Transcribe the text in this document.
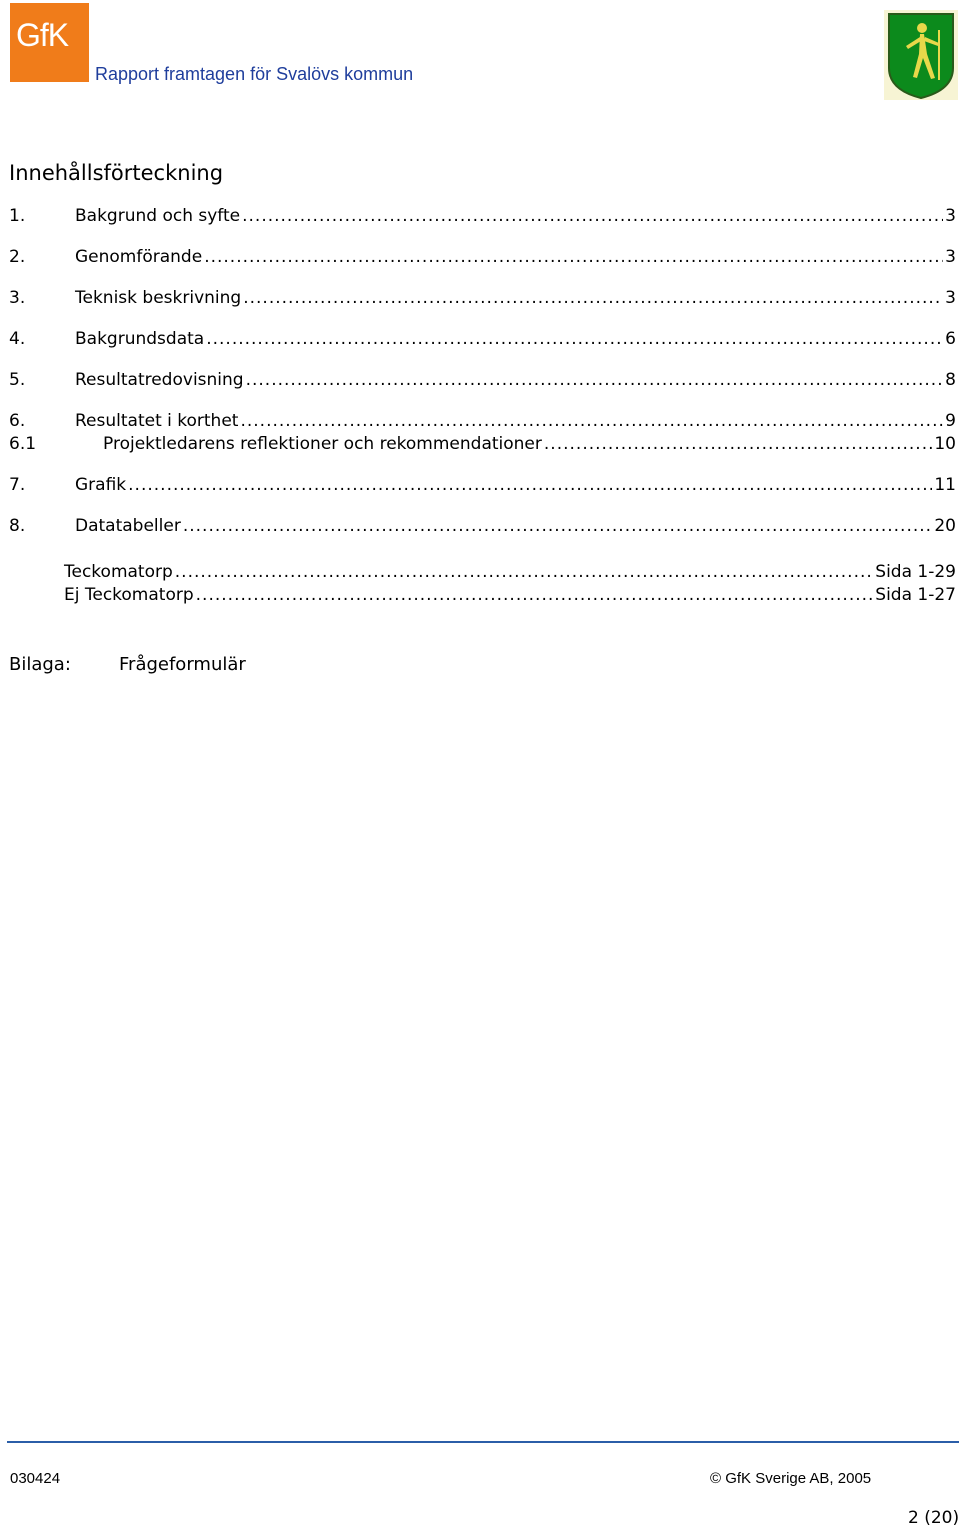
GfK
Rapport framtagen för Svalövs kommun
Innehållsförteckning
1.	Bakgrund och syfte .....	3
2.	Genomförande .....	3
3.	Teknisk beskrivning .....	3
4.	Bakgrundsdata .....	6
5.	Resultatredovisning .....	8
6.	Resultatet i korthet .....	9
6.1	Projektledarens reflektioner och rekommendationer .....	10
7.	Grafik .....	11
8.	Datatabeller .....	20
Teckomatorp .....	Sida 1-29
Ej Teckomatorp .....	Sida 1-27
Bilaga:	Frågeformulär
030424	© GfK Sverige AB, 2005
2 (20)
